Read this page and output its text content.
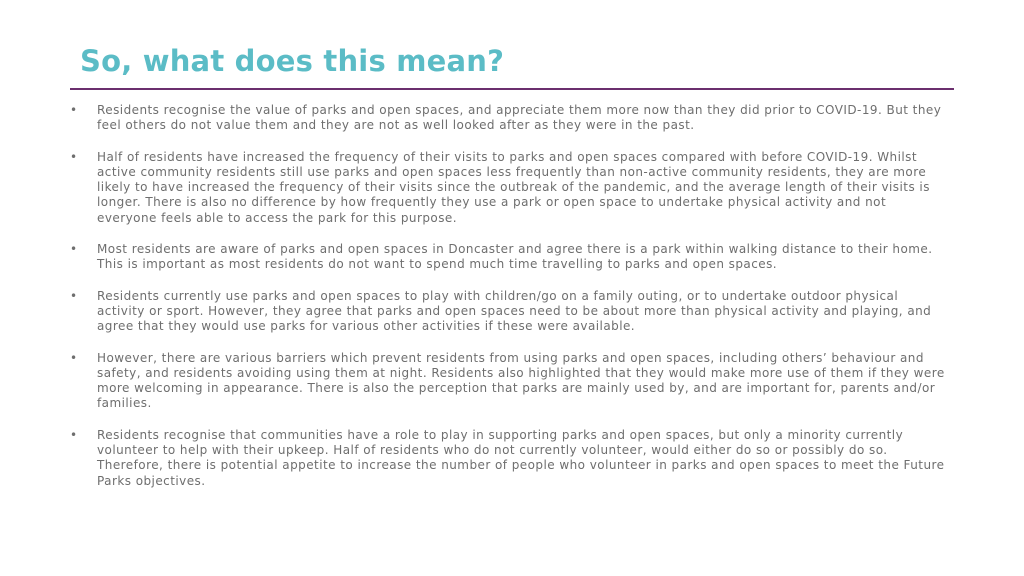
So, what does this mean?
• Residents recognise the value of parks and open spaces, and appreciate them more now than they did prior to COVID-19. But they feel others do not value them and they are not as well looked after as they were in the past.
• Half of residents have increased the frequency of their visits to parks and open spaces compared with before COVID-19. Whilst active community residents still use parks and open spaces less frequently than non-active community residents, they are more likely to have increased the frequency of their visits since the outbreak of the pandemic, and the average length of their visits is longer. There is also no difference by how frequently they use a park or open space to undertake physical activity and not everyone feels able to access the park for this purpose.
• Most residents are aware of parks and open spaces in Doncaster and agree there is a park within walking distance to their home. This is important as most residents do not want to spend much time travelling to parks and open spaces.
• Residents currently use parks and open spaces to play with children/go on a family outing, or to undertake outdoor physical activity or sport. However, they agree that parks and open spaces need to be about more than physical activity and playing, and agree that they would use parks for various other activities if these were available.
• However, there are various barriers which prevent residents from using parks and open spaces, including others’ behaviour and safety, and residents avoiding using them at night. Residents also highlighted that they would make more use of them if they were more welcoming in appearance. There is also the perception that parks are mainly used by, and are important for, parents and/or families.
• Residents recognise that communities have a role to play in supporting parks and open spaces, but only a minority currently volunteer to help with their upkeep. Half of residents who do not currently volunteer, would either do so or possibly do so. Therefore, there is potential appetite to increase the number of people who volunteer in parks and open spaces to meet the Future Parks objectives.
